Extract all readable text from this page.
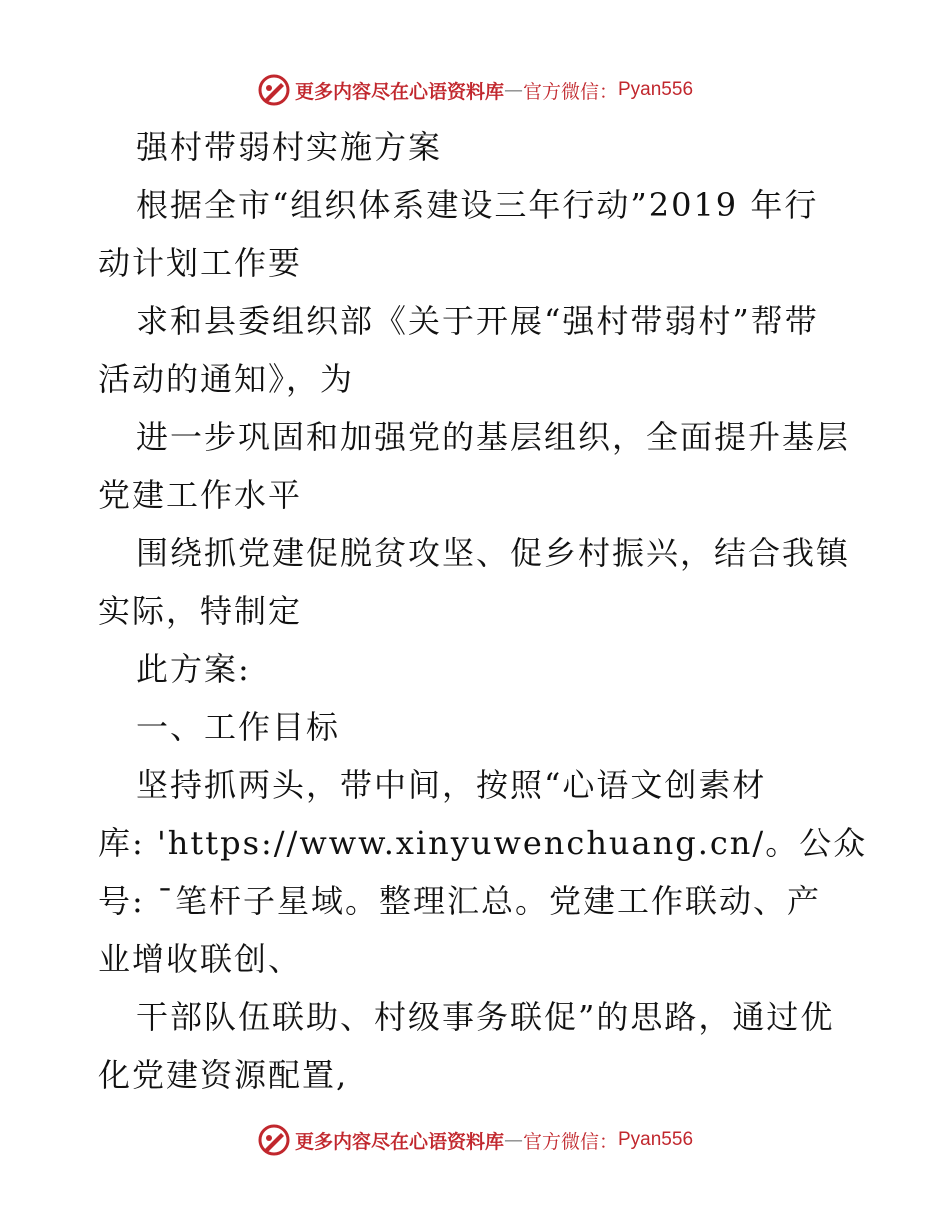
更多内容尽在心语资料库 — 官方微信： Pyan556
强村带弱村实施方案
根据全市“组织体系建设三年行动”2019 年行
动计划工作要
求和县委组织部《关于开展“强村带弱村”帮带
活动的通知》，为
进一步巩固和加强党的基层组织，全面提升基层
党建工作水平
围绕抓党建促脱贫攻坚、促乡村振兴，结合我镇
实际，特制定
此方案:
一、工作目标
坚持抓两头，带中间，按照“心语文创素材
库: 'https://www.xinyuwenchuang.cn/。公众
号: ¯笔杆子星域。整理汇总。党建工作联动、产
业增收联创、
干部队伍联助、村级事务联促”的思路，通过优
化党建资源配置,
更多内容尽在心语资料库 — 官方微信： Pyan556
